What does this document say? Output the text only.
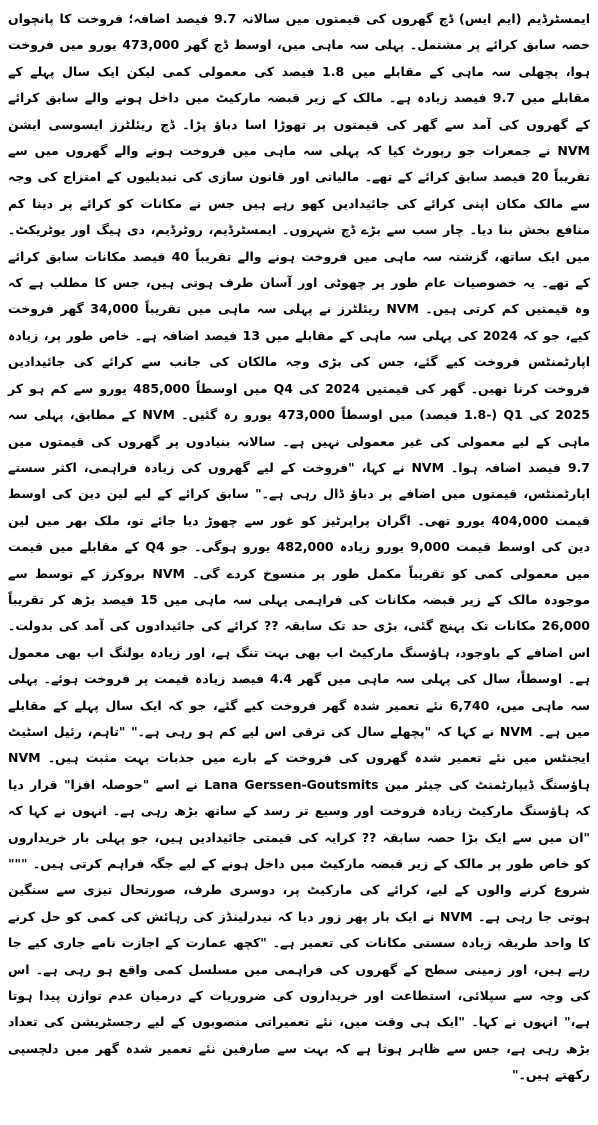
ایمسٹرڈیم (ایم ایس) ڈچ گھروں کی قیمتوں میں سالانہ 9.7 فیصد اضافہ؛ فروخت کا پانچواں حصہ سابق کرائے پر مشتمل۔ پہلی سہ ماہی میں، اوسط ڈچ گھر 473,000 یورو میں فروخت ہوا، پچھلی سہ ماہی کے مقابلے میں 1.8 فیصد کی معمولی کمی لیکن ایک سال پہلے کے مقابلے میں 9.7 فیصد زیادہ ہے۔ مالک کے زیر قبضہ مارکیٹ میں داخل ہونے والے سابق کرائے کے گھروں کی آمد سے گھر کی قیمتوں پر تھوڑا اسا دباؤ پڑا۔ ڈچ ریئلٹرز ایسوسی ایشن NVM نے جمعرات جو رپورٹ کیا کہ پہلی سہ ماہی میں فروخت ہونے والے گھروں میں سے تقریباً 20 فیصد سابق کرائے کے تھے۔ مالیاتی اور قانون سازی کی تبدیلیوں کے امتزاج کی وجہ سے مالک مکان اپنی کرائے کی جائیدادیں کھو رہے ہیں جس نے مکانات کو کرائے پر دینا کم منافع بخش بنا دیا۔ چار سب سے بڑے ڈچ شہروں۔ ایمسٹرڈیم، روٹرڈیم، دی ہیگ اور یوٹریکٹ۔ میں ایک ساتھ، گزشتہ سہ ماہی میں فروخت ہونے والے تقریباً 40 فیصد مکانات سابق کرائے کے تھے۔ یہ خصوصیات عام طور پر چھوٹی اور آسان طرف ہوتی ہیں، جس کا مطلب ہے کہ وہ قیمتیں کم کرتی ہیں۔ NVM ریئلٹرز نے پہلی سہ ماہی میں تقریباً 34,000 گھر فروخت کیے، جو کہ 2024 کی پہلی سہ ماہی کے مقابلے میں 13 فیصد اضافہ ہے۔ خاص طور پر، زیادہ اپارٹمنٹس فروخت کیے گئے، جس کی بڑی وجہ مالکان کی جانب سے کرائے کی جائیدادیں فروخت کرنا تھیں۔ گھر کی قیمتیں 2024 کی Q4 میں اوسطاً 485,000 یورو سے کم ہو کر 2025 کی Q1 (-1.8 فیصد) میں اوسطاً 473,000 یورو رہ گئیں۔ NVM کے مطابق، پہلی سہ ماہی کے لیے معمولی کی غیر معمولی نہیں ہے۔ سالانہ بنیادوں پر گھروں کی قیمتوں میں 9.7 فیصد اضافہ ہوا۔ NVM نے کہا، "فروخت کے لیے گھروں کی زیادہ فراہمی، اکثر سستے اپارٹمنٹس، قیمتوں میں اضافے پر دباؤ ڈال رہی ہے۔" سابق کرائے کے لیے لین دین کی اوسط قیمت 404,000 یورو تھی۔ اگران پراپرٹیز کو غور سے چھوڑ دیا جائے تو، ملک بھر میں لین دین کی اوسط قیمت 9,000 یورو زیادہ 482,000 یورو ہوگی۔ جو Q4 کے مقابلے میں قیمت میں معمولی کمی کو تقریباً مکمل طور پر منسوخ کردے گی۔ NVM بروکرز کے توسط سے موجودہ مالک کے زیر قبضہ مکانات کی فراہمی پہلی سہ ماہی میں 15 فیصد بڑھ کر تقریباً 26,000 مکانات تک پہنچ گئی، بڑی حد تک سابقہ ?? کرائے کی جائیدادوں کی آمد کی بدولت۔ اس اضافے کے باوجود، ہاؤسنگ مارکیٹ اب بھی بہت تنگ ہے، اور زیادہ بولنگ اب بھی معمول ہے۔ اوسطاً، سال کی پہلی سہ ماہی میں گھر 4.4 فیصد زیادہ قیمت پر فروخت ہوئے۔ پہلی سہ ماہی میں، 6,740 نئے تعمیر شدہ گھر فروخت کیے گئے، جو کہ ایک سال پہلے کے مقابلے میں ہے۔ NVM نے کہا کہ "پچھلے سال کی ترقی اس لیے کم ہو رہی ہے۔" "تاہم، رئیل اسٹیٹ ایجنٹس میں نئے تعمیر شدہ گھروں کی فروخت کے بارے میں جذبات بہت مثبت ہیں۔ NVM ہاؤسنگ ڈیپارٹمنٹ کی چیئر مین Lana Gerssen-Goutsmits نے اسے "حوصلہ افزا" قرار دیا کہ ہاؤسنگ مارکیٹ زیادہ فروخت اور وسیع تر رسد کے ساتھ بڑھ رہی ہے۔ انہوں نے کہا کہ "ان میں سے ایک بڑا حصہ سابقہ ?? کرایہ کی قیمتی جائیدادیں ہیں، جو پہلی بار خریداروں کو خاص طور پر مالک کے زیر قبضہ مارکیٹ میں داخل ہونے کے لیے جگہ فراہم کرتی ہیں۔ """ شروع کرنے والوں کے لیے، کرائے کی مارکیٹ پر، دوسری طرف، صورتحال تیزی سے سنگین ہوتی جا رہی ہے۔ NVM نے ایک بار پھر زور دیا کہ نیدرلینڈز کی رہائش کی کمی کو حل کرنے کا واحد طریقہ زیادہ سستی مکانات کی تعمیر ہے۔ "کچھ عمارت کے اجازت نامے جاری کیے جا رہے ہیں، اور زمینی سطح کے گھروں کی فراہمی میں مسلسل کمی واقع ہو رہی ہے۔ اس کی وجہ سے سپلائی، استطاعت اور خریداروں کی ضروریات کے درمیان عدم توازن پیدا ہوتا ہے،" انہوں نے کہا۔ "ایک ہی وقت میں، نئے تعمیراتی منصوبوں کے لیے رجسٹریشن کی تعداد بڑھ رہی ہے، جس سے ظاہر ہوتا ہے کہ بہت سے صارفین نئے تعمیر شدہ گھر میں دلچسپی رکھتے ہیں۔"
